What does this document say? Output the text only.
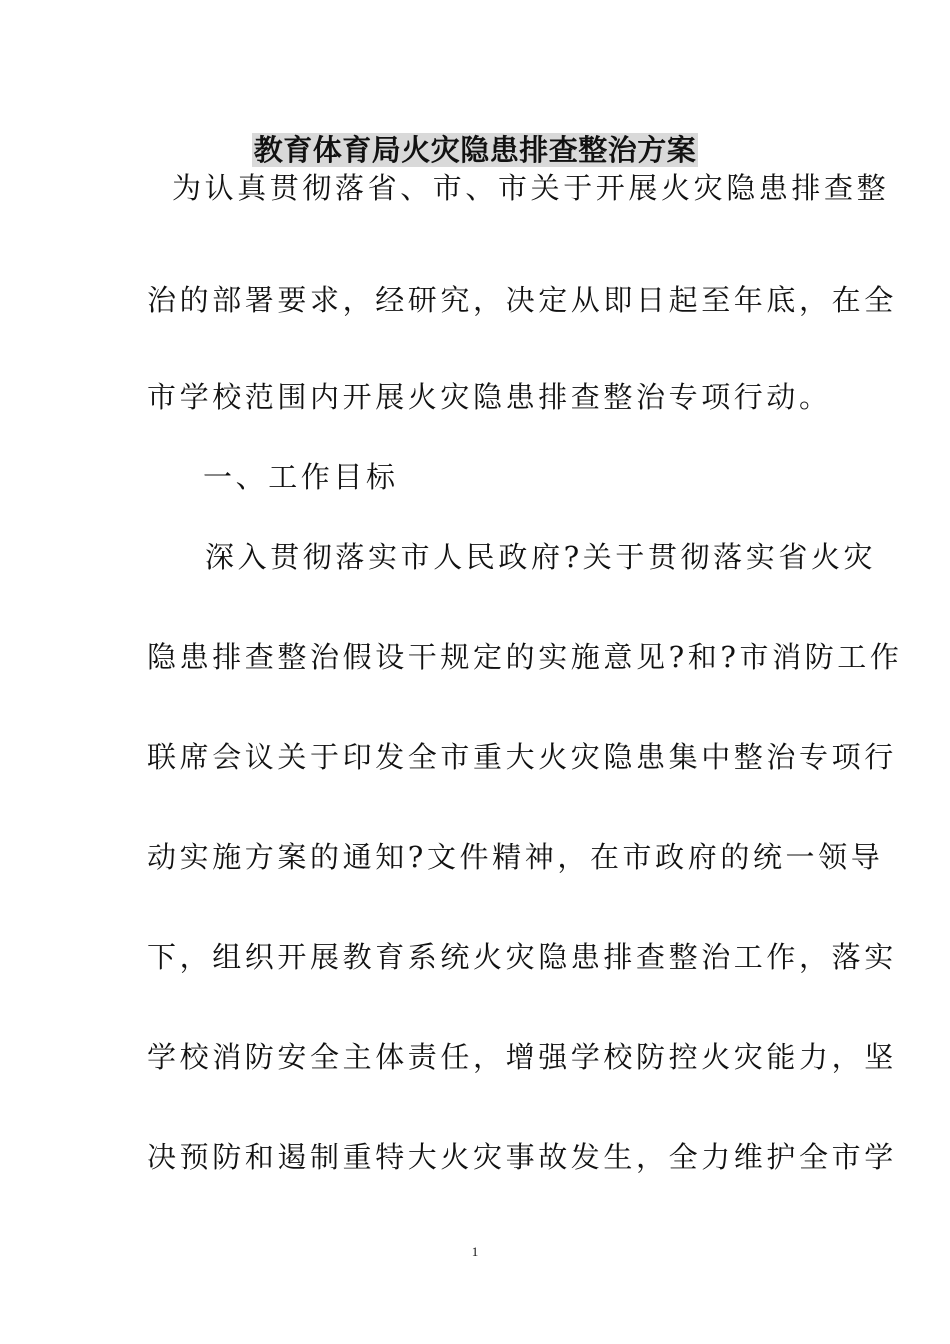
教育体育局火灾隐患排查整治方案
为认真贯彻落省、市、市关于开展火灾隐患排查整
治的部署要求，经研究，决定从即日起至年底，在全
市学校范围内开展火灾隐患排查整治专项行动。
一、工作目标
深入贯彻落实市人民政府?关于贯彻落实省火灾
隐患排查整治假设干规定的实施意见?和?市消防工作
联席会议关于印发全市重大火灾隐患集中整治专项行
动实施方案的通知?文件精神，在市政府的统一领导
下，组织开展教育系统火灾隐患排查整治工作，落实
学校消防安全主体责任，增强学校防控火灾能力，坚
决预防和遏制重特大火灾事故发生，全力维护全市学
1
